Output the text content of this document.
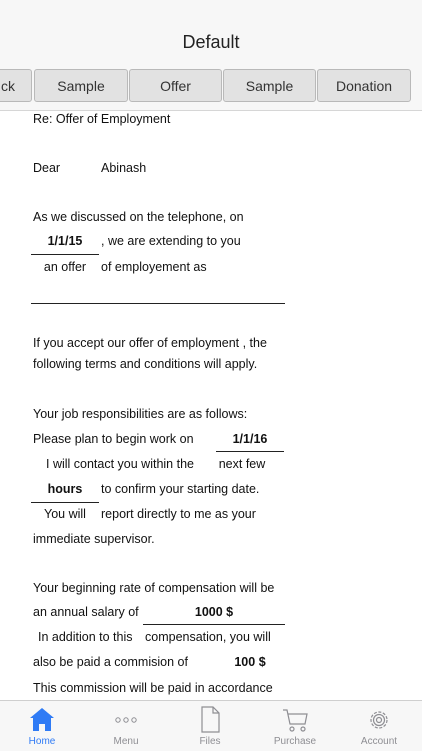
Default
ck	Sample	Offer	Sample	Donation
Re: Offer of Employment
Dear	Abinash
As we discussed on the telephone, on
1/1/15	, we are extending to you
an offer	of employement as
If you accept our offer of employment , the
following terms and conditions will apply.
Your job responsibilities are as follows:
Please plan to begin work on	1/1/16
I will contact you within the	next few
hours	to confirm your starting date.
You will report directly to me as your
immediate supervisor.
Your beginning rate of compensation will be
an annual salary of	1000 $
In addition to this compensation, you will
also be paid a commision of	100 $
This commission will be paid in accordance
Home	Menu	Files	Purchase	Account
